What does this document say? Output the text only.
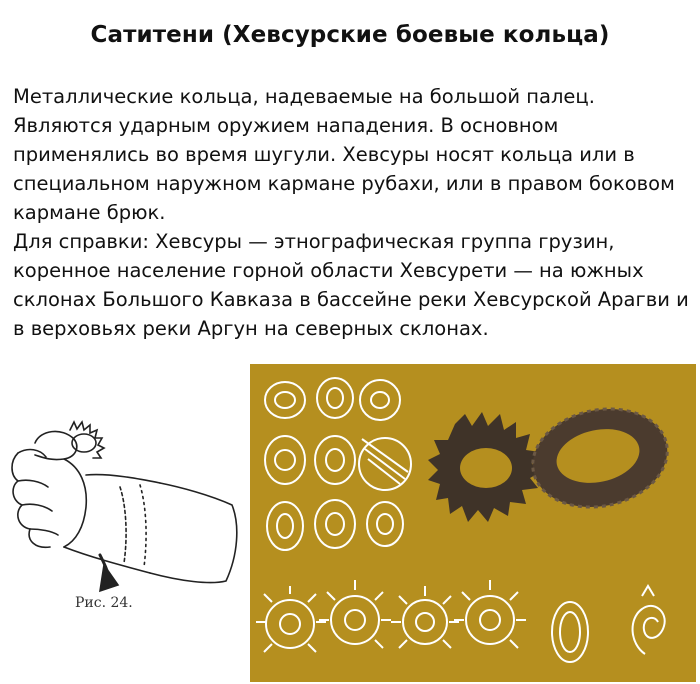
Сатитени (Хевсурские боевые кольца)

Металлические кольца, надеваемые на большой палец. Являются ударным оружием нападения. В основном применялись во время шугули. Хевсуры носят кольца или в специальном наружном кармане рубахи, или в правом боковом кармане брюк.

Для справки: Хевсуры — этнографическая группа грузин, коренное население горной области Хевсурети — на южных склонах Большого Кавказа в бассейне реки Хевсурской Арагви и в верховьях реки Аргун на северных склонах.

Рис. 24.
